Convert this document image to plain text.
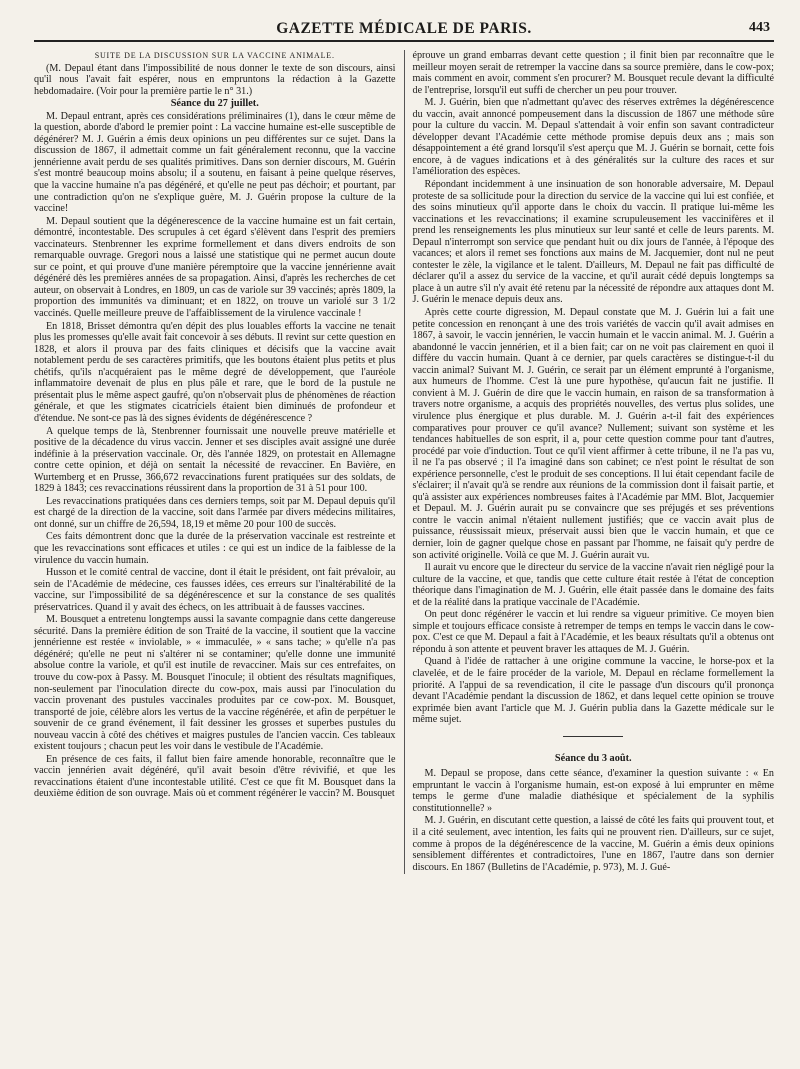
GAZETTE MÉDICALE DE PARIS.	443

SUITE DE LA DISCUSSION SUR LA VACCINE ANIMALE.

(M. Depaul étant dans l'impossibilité de nous donner le texte de son discours, ainsi qu'il nous l'avait fait espérer, nous en empruntons la rédaction à la Gazette hebdomadaire. (Voir pour la première partie le n° 31.)

Séance du 27 juillet.

M. Depaul entrant, après ces considérations préliminaires (1), dans le cœur même de la question, aborde d'abord le premier point : La vaccine humaine est-elle susceptible de dégénérer? M. J. Guérin a émis deux opinions un peu différentes sur ce sujet. Dans la discussion de 1867, il admettait comme un fait généralement reconnu, que la vaccine jennérienne avait perdu de ses qualités primitives. Dans son dernier discours, M. Guérin s'est montré beaucoup moins absolu; il a soutenu, en faisant à peine quelque réserves, que la vaccine humaine n'a pas dégénéré, et qu'elle ne peut pas déchoir; et pourtant, par une contradiction qu'on ne s'explique guère, M. J. Guérin propose la culture de la vaccine!

M. Depaul soutient que la dégénerescence de la vaccine humaine est un fait certain, démontré, incontestable. Des scrupules à cet égard s'élèvent dans l'esprit des premiers vaccinateurs. Stenbrenner les exprime formellement et dans divers endroits de son remarquable ouvrage. Gregori nous a laissé une statistique qui ne permet aucun doute sur ce point, et qui prouve d'une manière péremptoire que la vaccine jennérienne avait dégénéré dès les premières années de sa propagation. Ainsi, d'après les recherches de cet auteur, on observait à Londres, en 1809, un cas de variole sur 39 vaccinés; après 1809, la proportion des immunités va diminuant; et en 1822, on trouve un variolé sur 3 1/2 vaccinés. Quelle meilleure preuve de l'affaiblissement de la virulence vaccinale !

En 1818, Brisset démontra qu'en dépit des plus louables efforts la vaccine ne tenait plus les promesses qu'elle avait fait concevoir à ses débuts. Il revint sur cette question en 1828, et alors il prouva par des faits cliniques et décisifs que la vaccine avait notablement perdu de ses caractères primitifs, que les boutons étaient plus petits et plus chétifs, qu'ils n'acquéraient pas le même degré de développement, que l'auréole inflammatoire devenait de plus en plus pâle et rare, que le bord de la pustule ne présentait plus le même aspect gaufré, qu'on n'observait plus de phénomènes de réaction générale, et que les stigmates cicatriciels étaient bien diminués de profondeur et d'étendue. Ne sont-ce pas là des signes évidents de dégénérescence ?

A quelque temps de là, Stenbrenner fournissait une nouvelle preuve matérielle et positive de la décadence du virus vaccin. Jenner et ses disciples avait assigné une durée indéfinie à la préservation vaccinale. Or, dès l'année 1829, on protestait en Allemagne contre cette opinion, et déjà on sentait la nécessité de revacciner. En Bavière, en Wurtemberg et en Prusse, 366,672 revaccinations furent pratiquées sur des soldats, de 1829 à 1843; ces revaccinations réussirent dans la proportion de 31 à 51 pour 100.

Les revaccinations pratiquées dans ces derniers temps, soit par M. Depaul depuis qu'il est chargé de la direction de la vaccine, soit dans l'armée par divers médecins militaires, ont donné, sur un chiffre de 26,594, 18,19 et même 20 pour 100 de succès.

Ces faits démontrent donc que la durée de la préservation vaccinale est restreinte et que les revaccinations sont efficaces et utiles : ce qui est un indice de la faiblesse de la virulence du vaccin humain.

Husson et le comité central de vaccine, dont il était le président, ont fait prévaloir, au sein de l'Académie de médecine, ces fausses idées, ces erreurs sur l'inaltérabilité de la vaccine, sur l'impossibilité de sa dégénérescence et sur la constance de ses qualités préservatrices. Quand il y avait des échecs, on les attribuait à de fausses vaccines.

M. Bousquet a entretenu longtemps aussi la savante compagnie dans cette dangereuse sécurité. Dans la première édition de son Traité de la vaccine, il soutient que la vaccine jennérienne est restée « inviolable, » « immaculée, » « sans tache; » qu'elle n'a pas dégénéré; qu'elle ne peut ni s'altérer ni se contaminer; qu'elle donne une immunité absolue contre la variole, et qu'il est inutile de revacciner. Mais sur ces entrefaites, on trouve du cow-pox à Passy. M. Bousquet l'inocule; il obtient des résultats magnifiques, non-seulement par l'inoculation directe du cow-pox, mais aussi par l'inoculation du vaccin provenant des pustules vaccinales produites par ce cow-pox. M. Bousquet, transporté de joie, célèbre alors les vertus de la vaccine régénérée, et afin de perpétuer le souvenir de ce grand événement, il fait dessiner les grosses et superbes pustules du nouveau vaccin à côté des chétives et maigres pustules de l'ancien vaccin. Ces tableaux existent toujours ; chacun peut les voir dans le vestibule de l'Académie.

En présence de ces faits, il fallut bien faire amende honorable, reconnaître que le vaccin jennérien avait dégénéré, qu'il avait besoin d'être révivifié, et que les revaccinations étaient d'une incontestable utilité. C'est ce que fit M. Bousquet dans la deuxième édition de son ouvrage. Mais où et comment régénérer le vaccin? M. Bousquet

éprouve un grand embarras devant cette question ; il finit bien par reconnaître que le meilleur moyen serait de retremper la vaccine dans sa source première, dans le cow-pox; mais comment en avoir, comment s'en procurer? M. Bousquet recule devant la difficulté de l'entreprise, lorsqu'il eut suffi de chercher un peu pour trouver.

M. J. Guérin, bien que n'admettant qu'avec des réserves extrêmes la dégénérescence du vaccin, avait annoncé pompeusement dans la discussion de 1867 une méthode sûre pour la culture du vaccin. M. Depaul s'attendait à voir enfin son savant contradicteur développer devant l'Académie cette méthode promise depuis deux ans ; mais son désappointement a été grand lorsqu'il s'est aperçu que M. J. Guérin se bornait, cette fois encore, à de vagues indications et à des généralités sur la culture des races et sur l'amélioration des espèces.

Répondant incidemment à une insinuation de son honorable adversaire, M. Depaul proteste de sa sollicitude pour la direction du service de la vaccine qui lui est confiée, et des soins minutieux qu'il apporte dans le choix du vaccin. Il pratique lui-même les vaccinations et les revaccinations; il examine scrupuleusement les vaccinifères et il prend les renseignements les plus minutieux sur leur santé et celle de leurs parents. M. Depaul n'interrompt son service que pendant huit ou dix jours de l'année, à l'époque des vacances; et alors il remet ses fonctions aux mains de M. Jacquemier, dont nul ne peut contester le zèle, la vigilance et le talent. D'ailleurs, M. Depaul ne fait pas difficulté de déclarer qu'il a assez du service de la vaccine, et qu'il aurait cédé depuis longtemps sa place à un autre s'il n'y avait été retenu par la nécessité de répondre aux attaques dont M. J. Guérin le menace depuis deux ans.

Après cette courte digression, M. Depaul constate que M. J. Guérin lui a fait une petite concession en renonçant à une des trois variétés de vaccin qu'il avait admises en 1867, à savoir, le vaccin jennérien, le vaccin humain et le vaccin animal. M. J. Guérin a abandonné le vaccin jennérien, et il a bien fait; car on ne voit pas clairement en quoi il diffère du vaccin humain. Quant à ce dernier, par quels caractères se distingue-t-il du vaccin animal? Suivant M. J. Guérin, ce serait par un élément emprunté à l'organisme, aux humeurs de l'homme. C'est là une pure hypothèse, qu'aucun fait ne justifie. Il convient à M. J. Guérin de dire que le vaccin humain, en raison de sa transformation à travers notre organisme, a acquis des propriétés nouvelles, des vertus plus solides, une virulence plus énergique et plus durable. M. J. Guérin a-t-il fait des expériences comparatives pour prouver ce qu'il avance? Nullement; suivant son système et les tendances habituelles de son esprit, il a, pour cette question comme pour tant d'autres, procédé par voie d'induction. Tout ce qu'il vient affirmer à cette tribune, il ne l'a pas vu, il ne l'a pas observé ; il l'a imaginé dans son cabinet; ce n'est point le résultat de son expérience personnelle, c'est le produit de ses conceptions. Il lui était cependant facile de s'éclairer; il n'avait qu'à se rendre aux réunions de la commission dont il faisait partie, et qu'à assister aux expériences nombreuses faites à l'Académie par MM. Blot, Jacquemier et Depaul. M. J. Guérin aurait pu se convaincre que ses préjugés et ses préventions contre le vaccin animal n'étaient nullement justifiés; que ce vaccin avait plus de puissance, réussissait mieux, préservait aussi bien que le vaccin humain, et que ce dernier, loin de gagner quelque chose en passant par l'homme, ne faisait qu'y perdre de son activité originelle. Voilà ce que M. J. Guérin aurait vu.

Il aurait vu encore que le directeur du service de la vaccine n'avait rien négligé pour la culture de la vaccine, et que, tandis que cette culture était restée à l'état de conception théorique dans l'imagination de M. J. Guérin, elle était passée dans le domaine des faits et de la réalité dans la pratique vaccinale de l'Académie.

On peut donc régénérer le vaccin et lui rendre sa vigueur primitive. Ce moyen bien simple et toujours efficace consiste à retremper de temps en temps le vaccin dans le cow-pox. C'est ce que M. Depaul a fait à l'Académie, et les beaux résultats qu'il a obtenus ont répondu à son attente et peuvent braver les attaques de M. J. Guérin.

Quand à l'idée de rattacher à une origine commune la vaccine, le horse-pox et la clavelée, et de le faire procéder de la variole, M. Depaul en réclame formellement la priorité. A l'appui de sa revendication, il cite le passage d'un discours qu'il prononça devant l'Académie pendant la discussion de 1862, et dans lequel cette opinion se trouve exprimée bien avant l'article que M. J. Guérin publia dans la Gazette médicale sur le même sujet.

Séance du 3 août.

M. Depaul se propose, dans cette séance, d'examiner la question suivante : « En empruntant le vaccin à l'organisme humain, est-on exposé à lui emprunter en même temps le germe d'une maladie diathésique et spécialement de la syphilis constitutionnelle? »

M. J. Guérin, en discutant cette question, a laissé de côté les faits qui prouvent tout, et il a cité seulement, avec intention, les faits qui ne prouvent rien. D'ailleurs, sur ce sujet, comme à propos de la dégénérescence de la vaccine, M. Guérin a émis deux opinions sensiblement différentes et contradictoires, l'une en 1867, l'autre dans son dernier discours. En 1867 (Bulletins de l'Académie, p. 973), M. J. Gué-
